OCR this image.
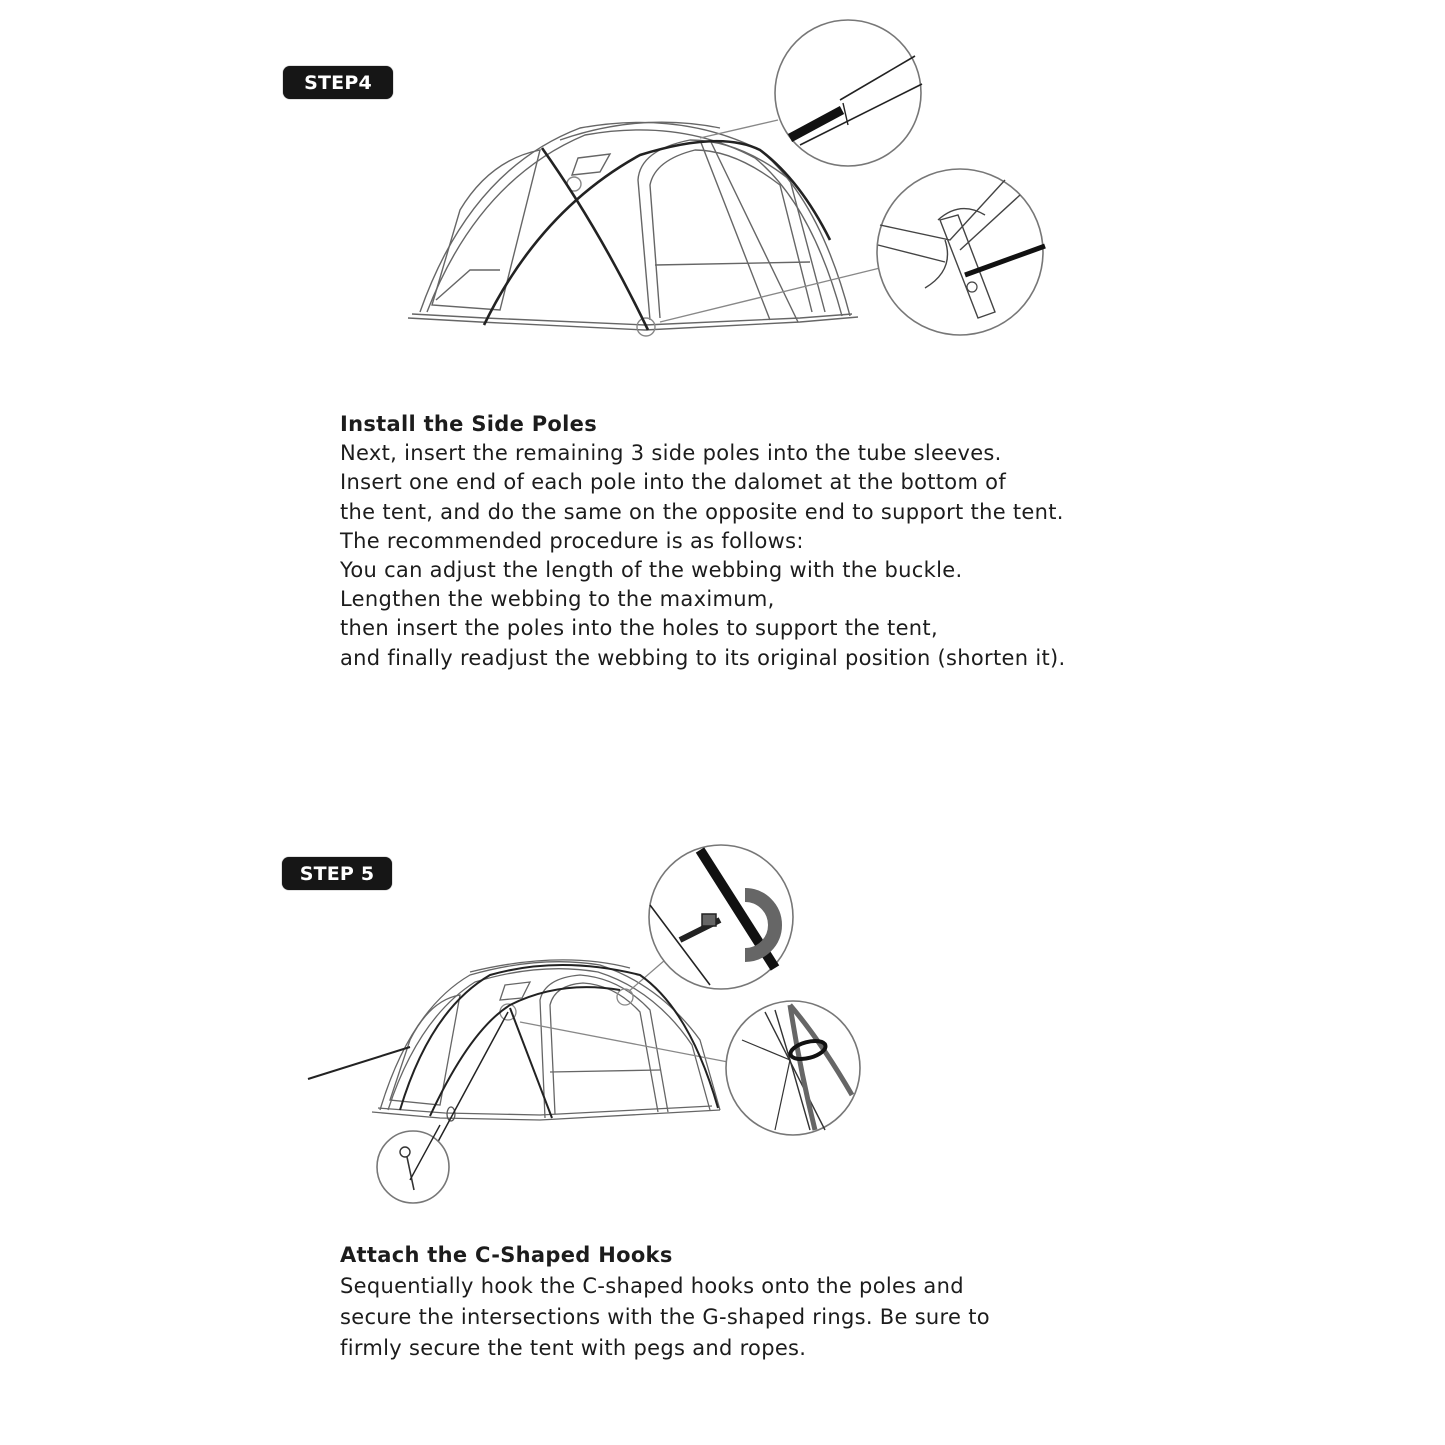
STEP4
Install the Side Poles
Next, insert the remaining 3 side poles into the tube sleeves.
Insert one end of each pole into the dalomet at the bottom of
the tent, and do the same on the opposite end to support the tent.
The recommended procedure is as follows:
You can adjust the length of the webbing with the buckle.
Lengthen the webbing to the maximum,
then insert the poles into the holes to support the tent,
and finally readjust the webbing to its original position (shorten it).
STEP 5
Attach the C-Shaped Hooks
Sequentially hook the C-shaped hooks onto the poles and
secure the intersections with the G-shaped rings. Be sure to
firmly secure the tent with pegs and ropes.
